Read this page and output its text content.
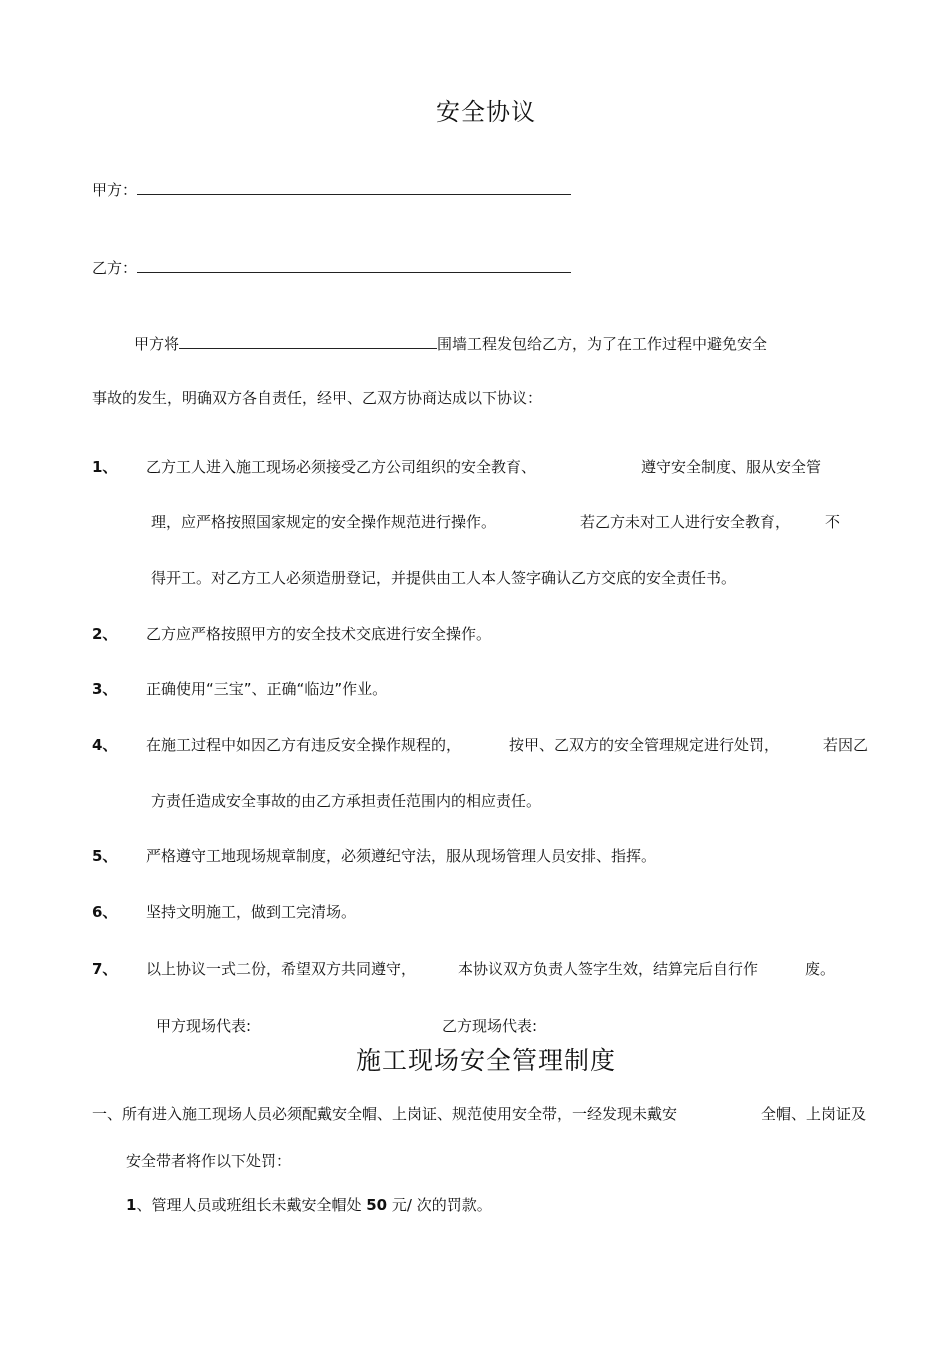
安全协议
甲方：
乙方：
甲方将	围墙工程发包给乙方，为了在工作过程中避免安全
事故的发生，明确双方各自责任，经甲、乙双方协商达成以下协议：
1、 乙方工人进入施工现场必须接受乙方公司组织的安全教育、	遵守安全制度、服从安全管
理，应严格按照国家规定的安全操作规范进行操作。	若乙方未对工人进行安全教育， 不
得开工。对乙方工人必须造册登记，并提供由工人本人签字确认乙方交底的安全责任书。
2、 乙方应严格按照甲方的安全技术交底进行安全操作。
3、 正确使用“三宝”、正确“临边”作业。
4、 在施工过程中如因乙方有违反安全操作规程的，	按甲、乙双方的安全管理规定进行处罚，	若因乙
方责任造成安全事故的由乙方承担责任范围内的相应责任。
5、 严格遵守工地现场规章制度，必须遵纪守法，服从现场管理人员安排、指挥。
6、 坚持文明施工，做到工完清场。
7、 以上协议一式二份，希望双方共同遵守，	本协议双方负责人签字生效，结算完后自行作	废。
甲方现场代表:	乙方现场代表:
施工现场安全管理制度
一、所有进入施工现场人员必须配戴安全帽、上岗证、规范使用安全带，一经发现未戴安	全帽、上岗证及
安全带者将作以下处罚：
1、管理人员或班组长未戴安全帽处 50 元/ 次的罚款。
